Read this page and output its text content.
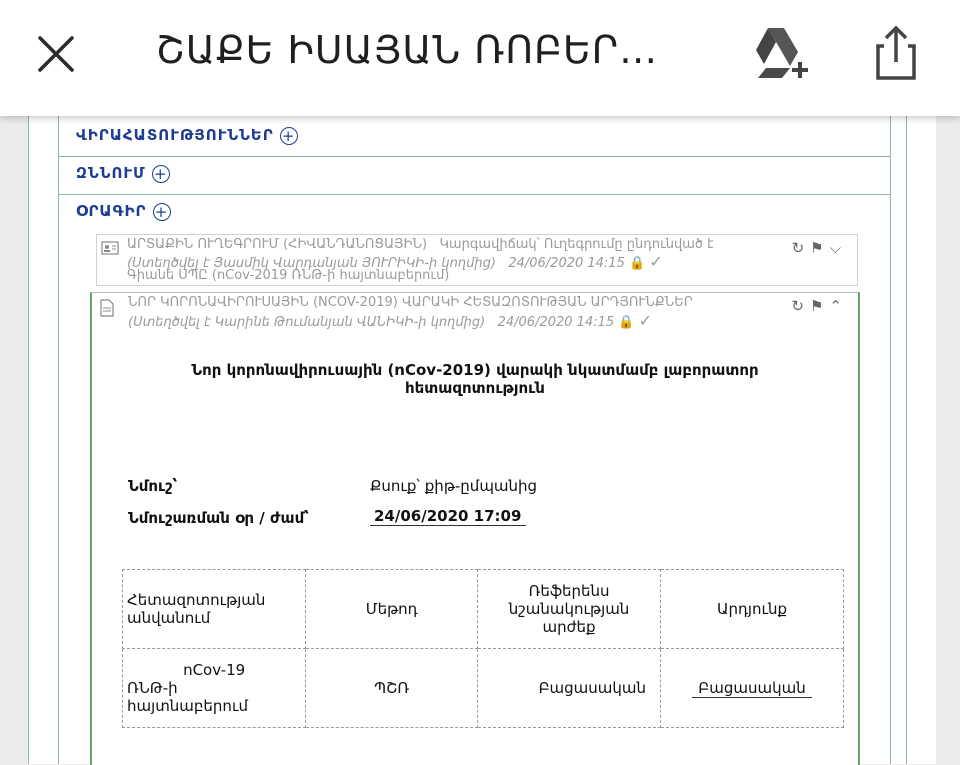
ՇԱՔԵ ԻՍԱՅԱՆ ՌՈԲԵՐ…
ՎԻՐԱՀԱՏՈՒԹՅՈՒՆՆԵՐ +
ԶՆՆՈՒՄ +
ՕՐԱԳԻՐ +
ԱՐՏԱՔԻՆ ՈՒՂԵԳՐՈՒՄ (ՀԻՎԱՆԴԱՆՈՑԱՅԻՆ) Կարգավիճակ՝ Ուղեգրումը ընդունված է
(Ստեղծվել է Յասմիկ Վարդանյան ՅՈՒՐԻԿԻ-ի կողմից) 24/06/2020 14:15 🔒 ✓
Գիանե ՍՊԸ (nCov-2019 ՌՆԹ-ի հայտնաբերում)
↻⚑⌵
ՆՈՐ ԿՈՐՈՆԱՎԻՐՈՒՍԱՅԻՆ (NCOV-2019) ՎԱՐԱԿԻ ՀԵՏԱԶՈՏՈՒԹՅԱՆ ԱՐԴՅՈՒՆՔՆԵՐ
(Ստեղծվել է Կարինե Թումանյան ՎԱՆԻԿԻ-ի կողմից) 24/06/2020 14:15 🔒 ✓
↻⚑⌃
Նոր կորոնավիրուսային (nCov-2019) վարակի նկատմամբ լաբորատոր
հետազոտություն
Նմուշ՝	Քսուք՝ քիթ-ըմպանից
Նմուշառման օր / ժամ՝	24/06/2020 17:09
Հետազոտության անվանում	Մեթոդ	Ռեֆերենս նշանակության արժեք	Արդյունք

nCov-19
ՌՆԹ-ի
հայտնաբերում	ՊՇՌ	Բացասական	Բացասական
